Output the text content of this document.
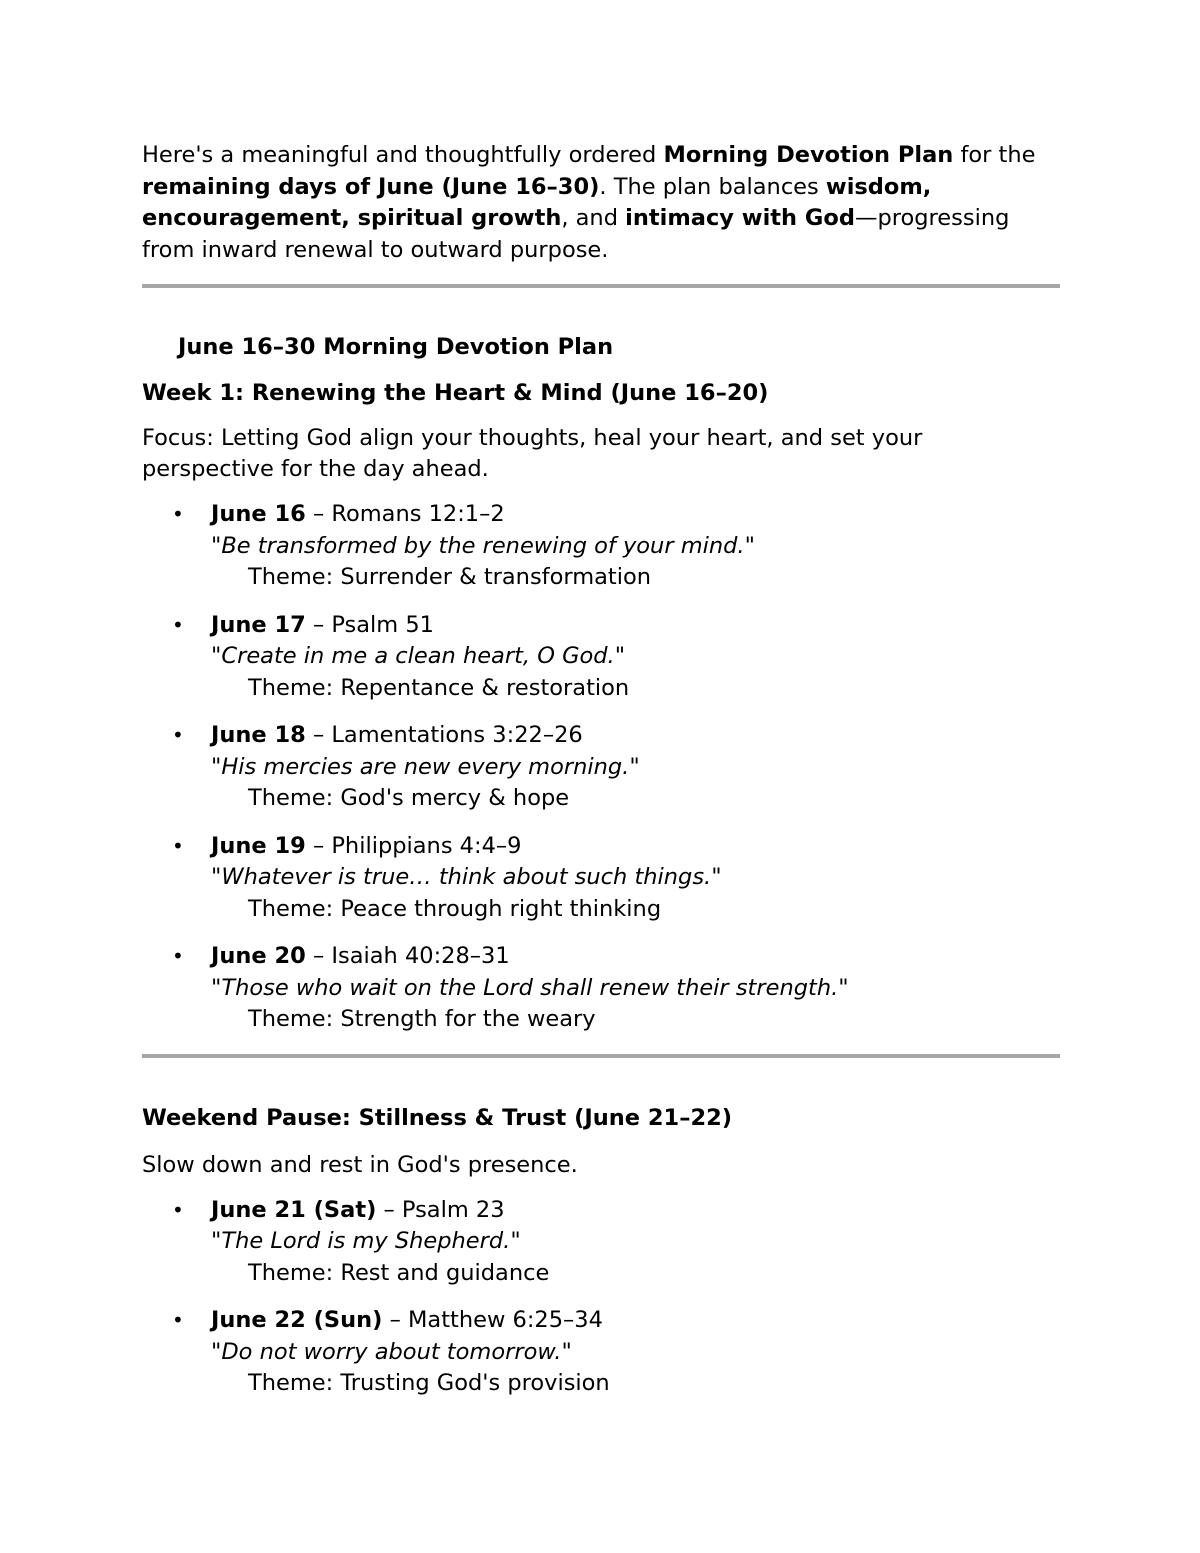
Here's a meaningful and thoughtfully ordered Morning Devotion Plan for the remaining days of June (June 16–30). The plan balances wisdom, encouragement, spiritual growth, and intimacy with God—progressing from inward renewal to outward purpose.

June 16–30 Morning Devotion Plan

Week 1: Renewing the Heart & Mind (June 16–20)

Focus: Letting God align your thoughts, heal your heart, and set your perspective for the day ahead.

• June 16 – Romans 12:1–2
"Be transformed by the renewing of your mind."
Theme: Surrender & transformation
• June 17 – Psalm 51
"Create in me a clean heart, O God."
Theme: Repentance & restoration
• June 18 – Lamentations 3:22–26
"His mercies are new every morning."
Theme: God's mercy & hope
• June 19 – Philippians 4:4–9
"Whatever is true… think about such things."
Theme: Peace through right thinking
• June 20 – Isaiah 40:28–31
"Those who wait on the Lord shall renew their strength."
Theme: Strength for the weary

Weekend Pause: Stillness & Trust (June 21–22)

Slow down and rest in God's presence.

• June 21 (Sat) – Psalm 23
"The Lord is my Shepherd."
Theme: Rest and guidance
• June 22 (Sun) – Matthew 6:25–34
"Do not worry about tomorrow."
Theme: Trusting God's provision
